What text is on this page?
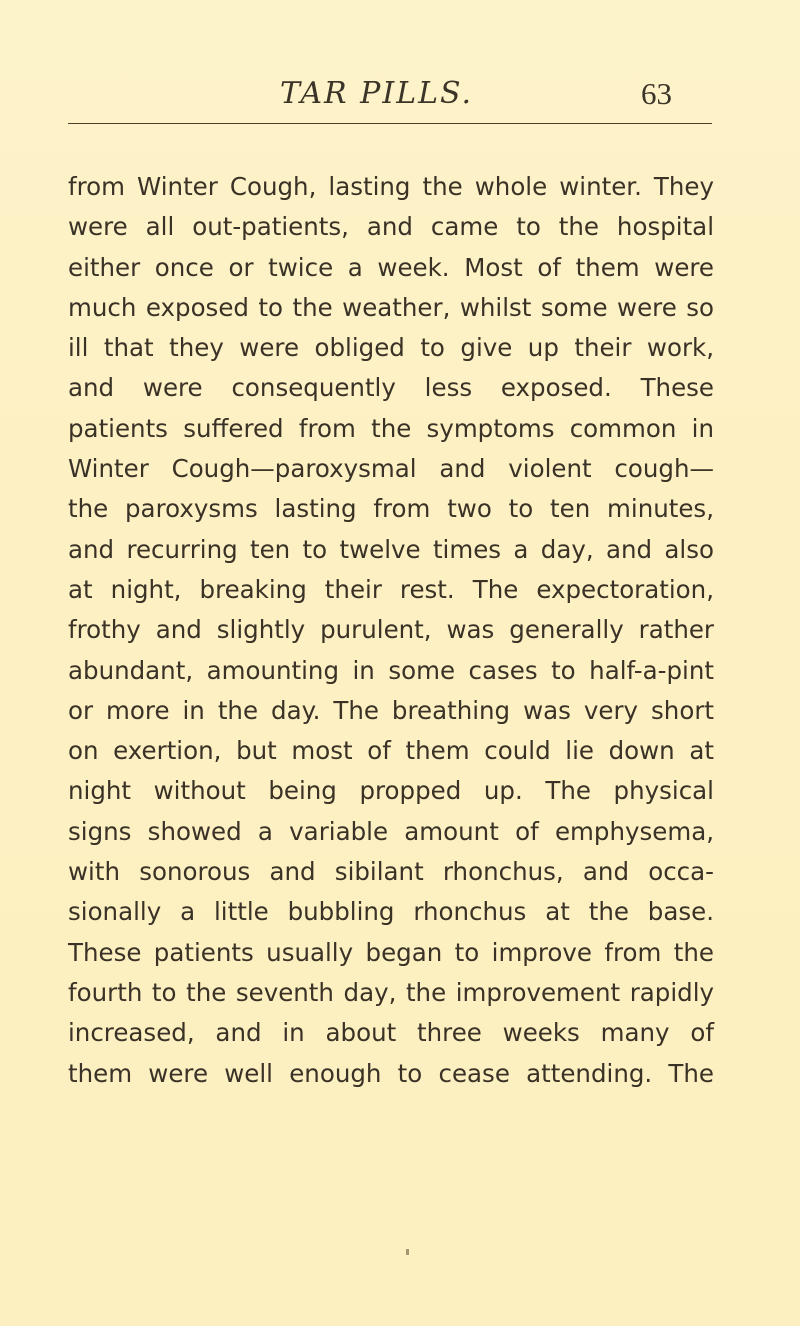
TAR PILLS.	63
from Winter Cough, lasting the whole winter. They
were all out-patients, and came to the hospital
either once or twice a week. Most of them were
much exposed to the weather, whilst some were so
ill that they were obliged to give up their work,
and were consequently less exposed. These
patients suffered from the symptoms common in
Winter Cough—paroxysmal and violent cough—
the paroxysms lasting from two to ten minutes,
and recurring ten to twelve times a day, and also
at night, breaking their rest. The expectoration,
frothy and slightly purulent, was generally rather
abundant, amounting in some cases to half-a-pint
or more in the day. The breathing was very short
on exertion, but most of them could lie down at
night without being propped up. The physical
signs showed a variable amount of emphysema,
with sonorous and sibilant rhonchus, and occa-
sionally a little bubbling rhonchus at the base.
These patients usually began to improve from the
fourth to the seventh day, the improvement rapidly
increased, and in about three weeks many of
them were well enough to cease attending. The
